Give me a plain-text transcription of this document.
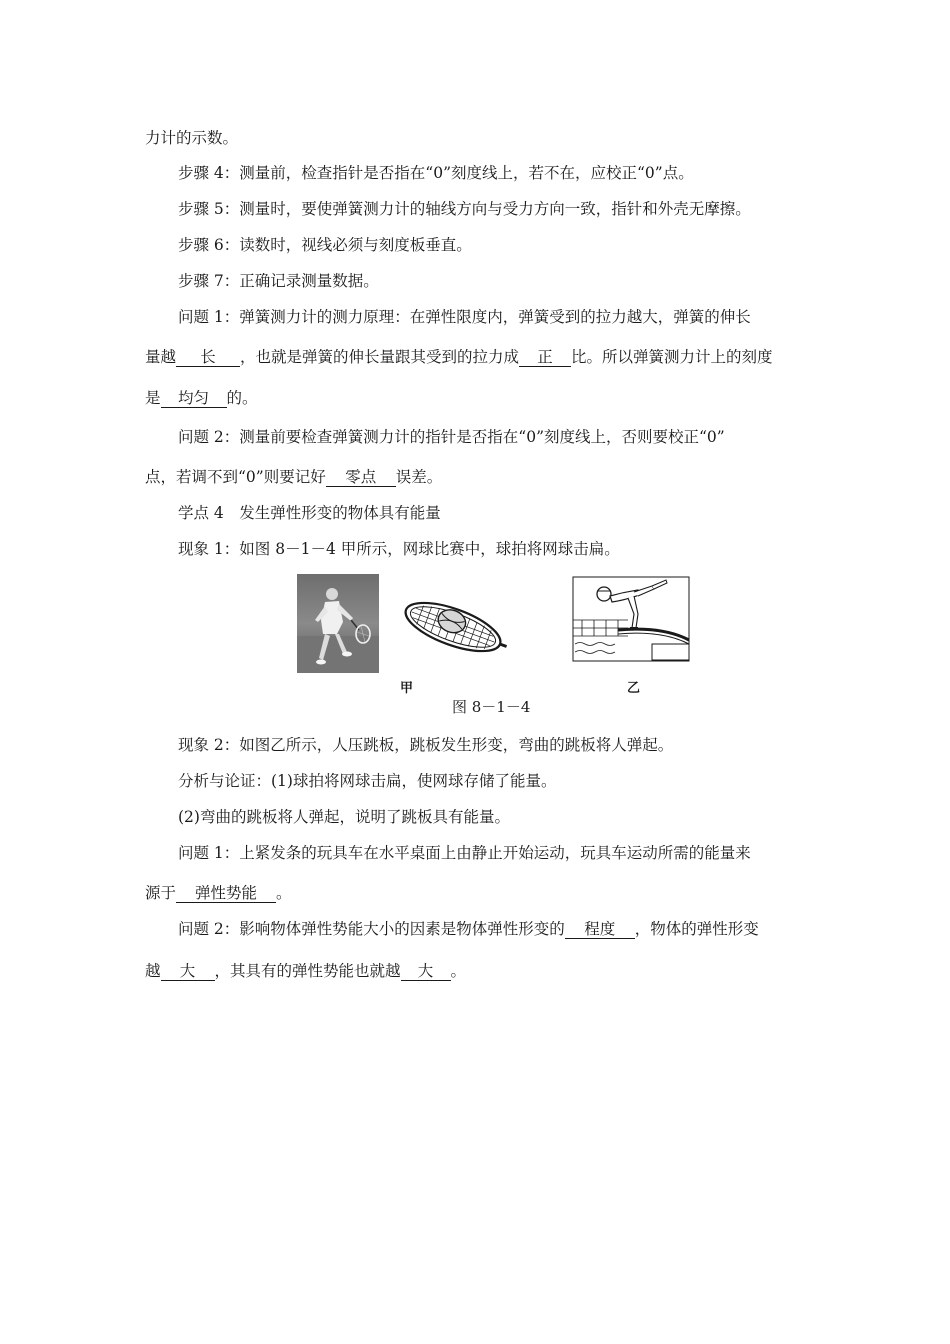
力计的示数。
步骤 4：测量前，检查指针是否指在“0”刻度线上，若不在，应校正“0”点。
步骤 5：测量时，要使弹簧测力计的轴线方向与受力方向一致，指针和外壳无摩擦。
步骤 6：读数时，视线必须与刻度板垂直。
步骤 7：正确记录测量数据。
问题 1：弹簧测力计的测力原理：在弹性限度内，弹簧受到的拉力越大，弹簧的伸长
量越 长 ，也就是弹簧的伸长量跟其受到的拉力成 正 比。所以弹簧测力计上的刻度
是 均匀 的。
问题 2：测量前要检查弹簧测力计的指针是否指在“0”刻度线上，否则要校正“0”
点，若调不到“0”则要记好 零点 误差。
学点 4　发生弹性形变的物体具有能量
现象 1：如图 8－1－4 甲所示，网球比赛中，球拍将网球击扁。
甲	乙
图 8－1－4
现象 2：如图乙所示，人压跳板，跳板发生形变，弯曲的跳板将人弹起。
分析与论证：(1)球拍将网球击扁，使网球存储了能量。
(2)弯曲的跳板将人弹起，说明了跳板具有能量。
问题 1：上紧发条的玩具车在水平桌面上由静止开始运动，玩具车运动所需的能量来
源于 弹性势能 。
问题 2：影响物体弹性势能大小的因素是物体弹性形变的 程度 ，物体的弹性形变
越 大 ，其具有的弹性势能也就越 大 。
